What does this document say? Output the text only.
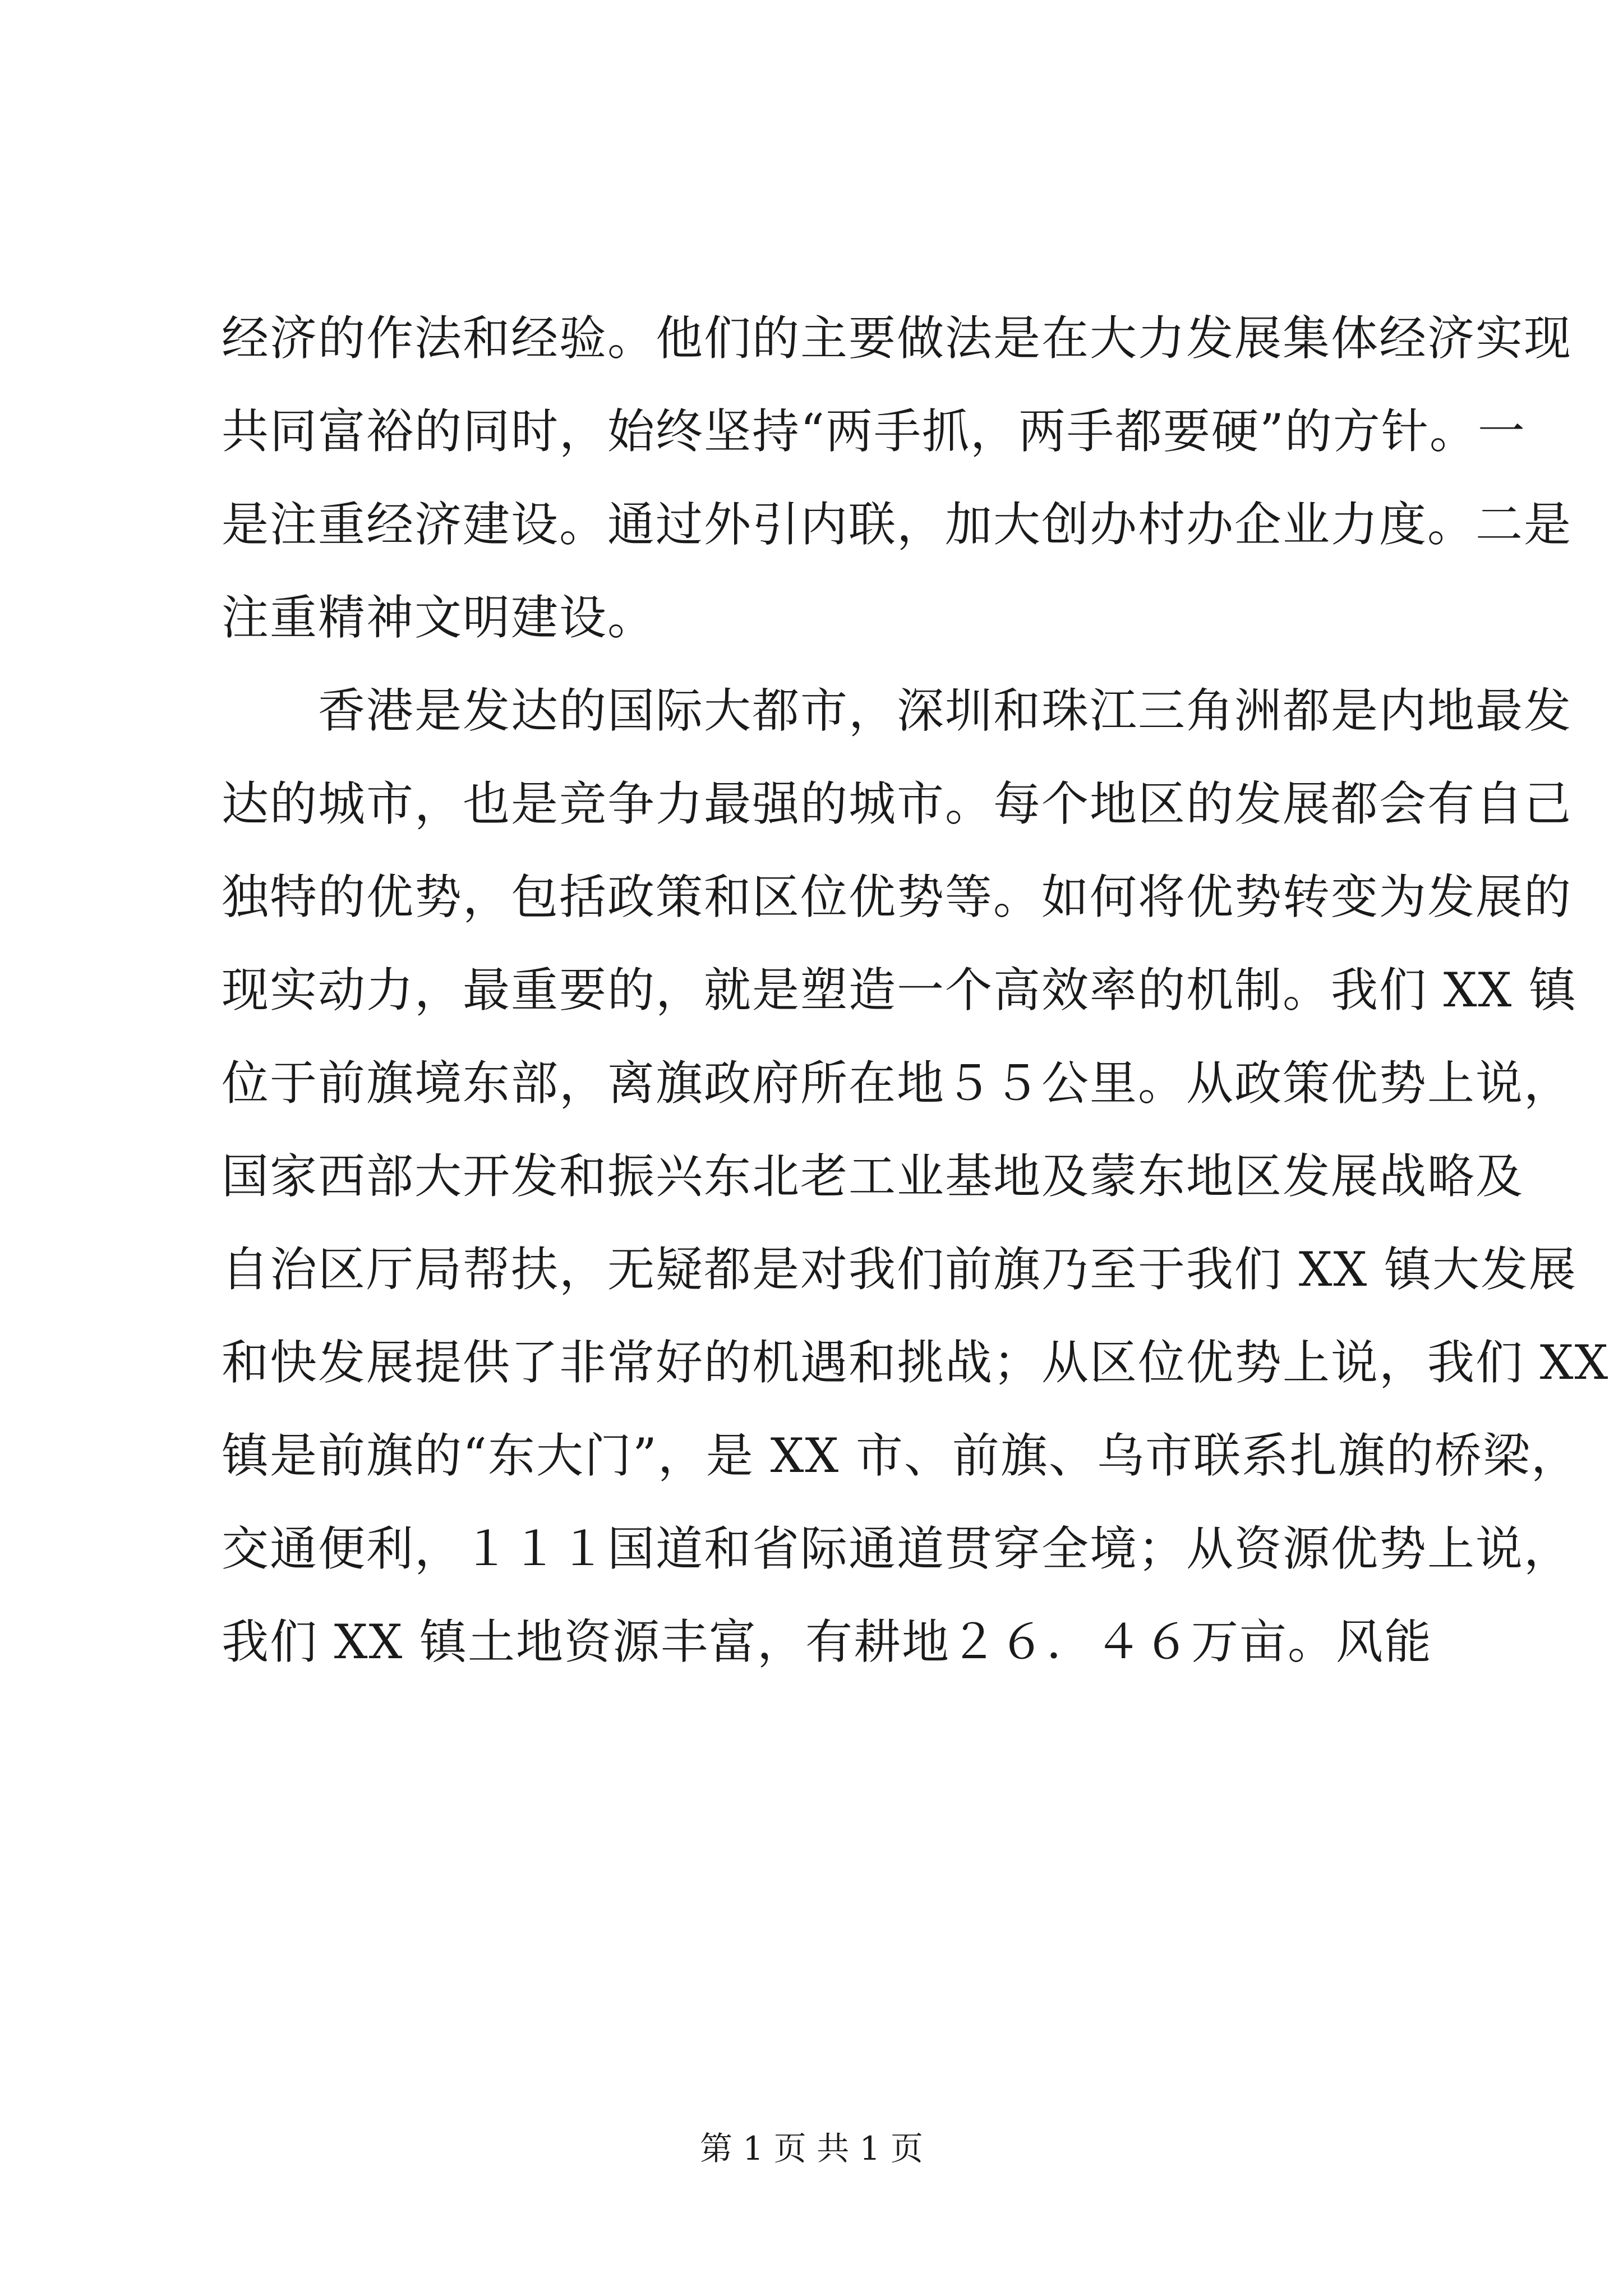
经济的作法和经验。他们的主要做法是在大力发展集体经济实现
共同富裕的同时，始终坚持“两手抓，两手都要硬”的方针。一
是注重经济建设。通过外引内联，加大创办村办企业力度。二是
注重精神文明建设。
　　香港是发达的国际大都市，深圳和珠江三角洲都是内地最发
达的城市，也是竞争力最强的城市。每个地区的发展都会有自己
独特的优势，包括政策和区位优势等。如何将优势转变为发展的
现实动力，最重要的，就是塑造一个高效率的机制。我们 XX 镇
位于前旗境东部，离旗政府所在地５５公里。从政策优势上说，
国家西部大开发和振兴东北老工业基地及蒙东地区发展战略及
自治区厅局帮扶，无疑都是对我们前旗乃至于我们 XX 镇大发展
和快发展提供了非常好的机遇和挑战；从区位优势上说，我们 XX
镇是前旗的“东大门”，是 XX 市、前旗、乌市联系扎旗的桥梁，
交通便利，１１１国道和省际通道贯穿全境；从资源优势上说，
我们 XX 镇土地资源丰富，有耕地２６．４６万亩。风能
第 1 页 共 1 页
